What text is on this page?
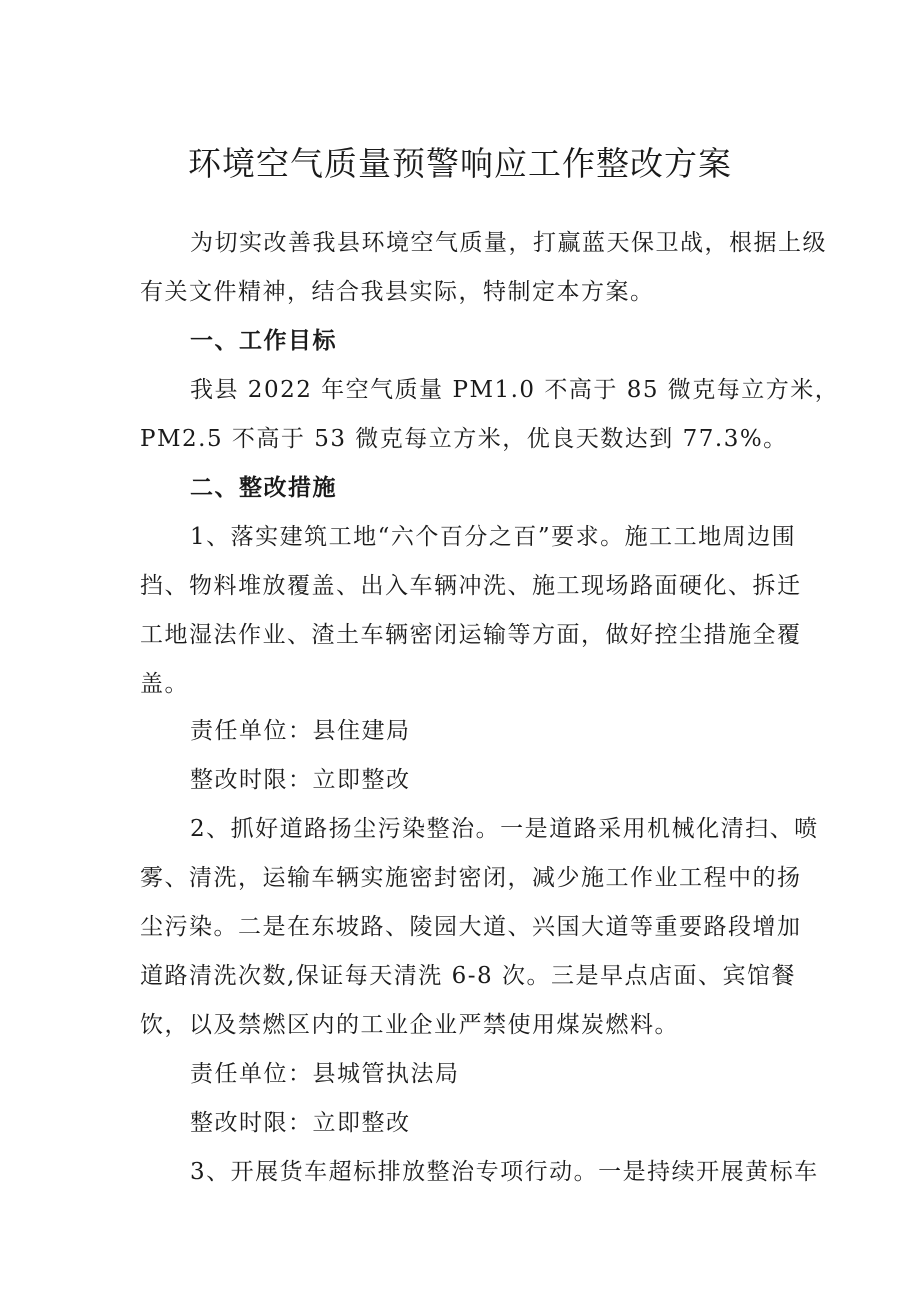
环境空气质量预警响应工作整改方案

为切实改善我县环境空气质量，打赢蓝天保卫战，根据上级

有关文件精神，结合我县实际，特制定本方案。

一、工作目标

我县 2022 年空气质量 PM1.0 不高于 85 微克每立方米，

PM2.5 不高于 53 微克每立方米，优良天数达到 77.3%。

二、整改措施

1、落实建筑工地“六个百分之百”要求。施工工地周边围

挡、物料堆放覆盖、出入车辆冲洗、施工现场路面硬化、拆迁

工地湿法作业、渣土车辆密闭运输等方面，做好控尘措施全覆

盖。

责任单位：县住建局

整改时限：立即整改

2、抓好道路扬尘污染整治。一是道路采用机械化清扫、喷

雾、清洗，运输车辆实施密封密闭，减少施工作业工程中的扬

尘污染。二是在东坡路、陵园大道、兴国大道等重要路段增加

道路清洗次数,保证每天清洗 6-8 次。三是早点店面、宾馆餐

饮，以及禁燃区内的工业企业严禁使用煤炭燃料。

责任单位：县城管执法局

整改时限：立即整改

3、开展货车超标排放整治专项行动。一是持续开展黄标车
